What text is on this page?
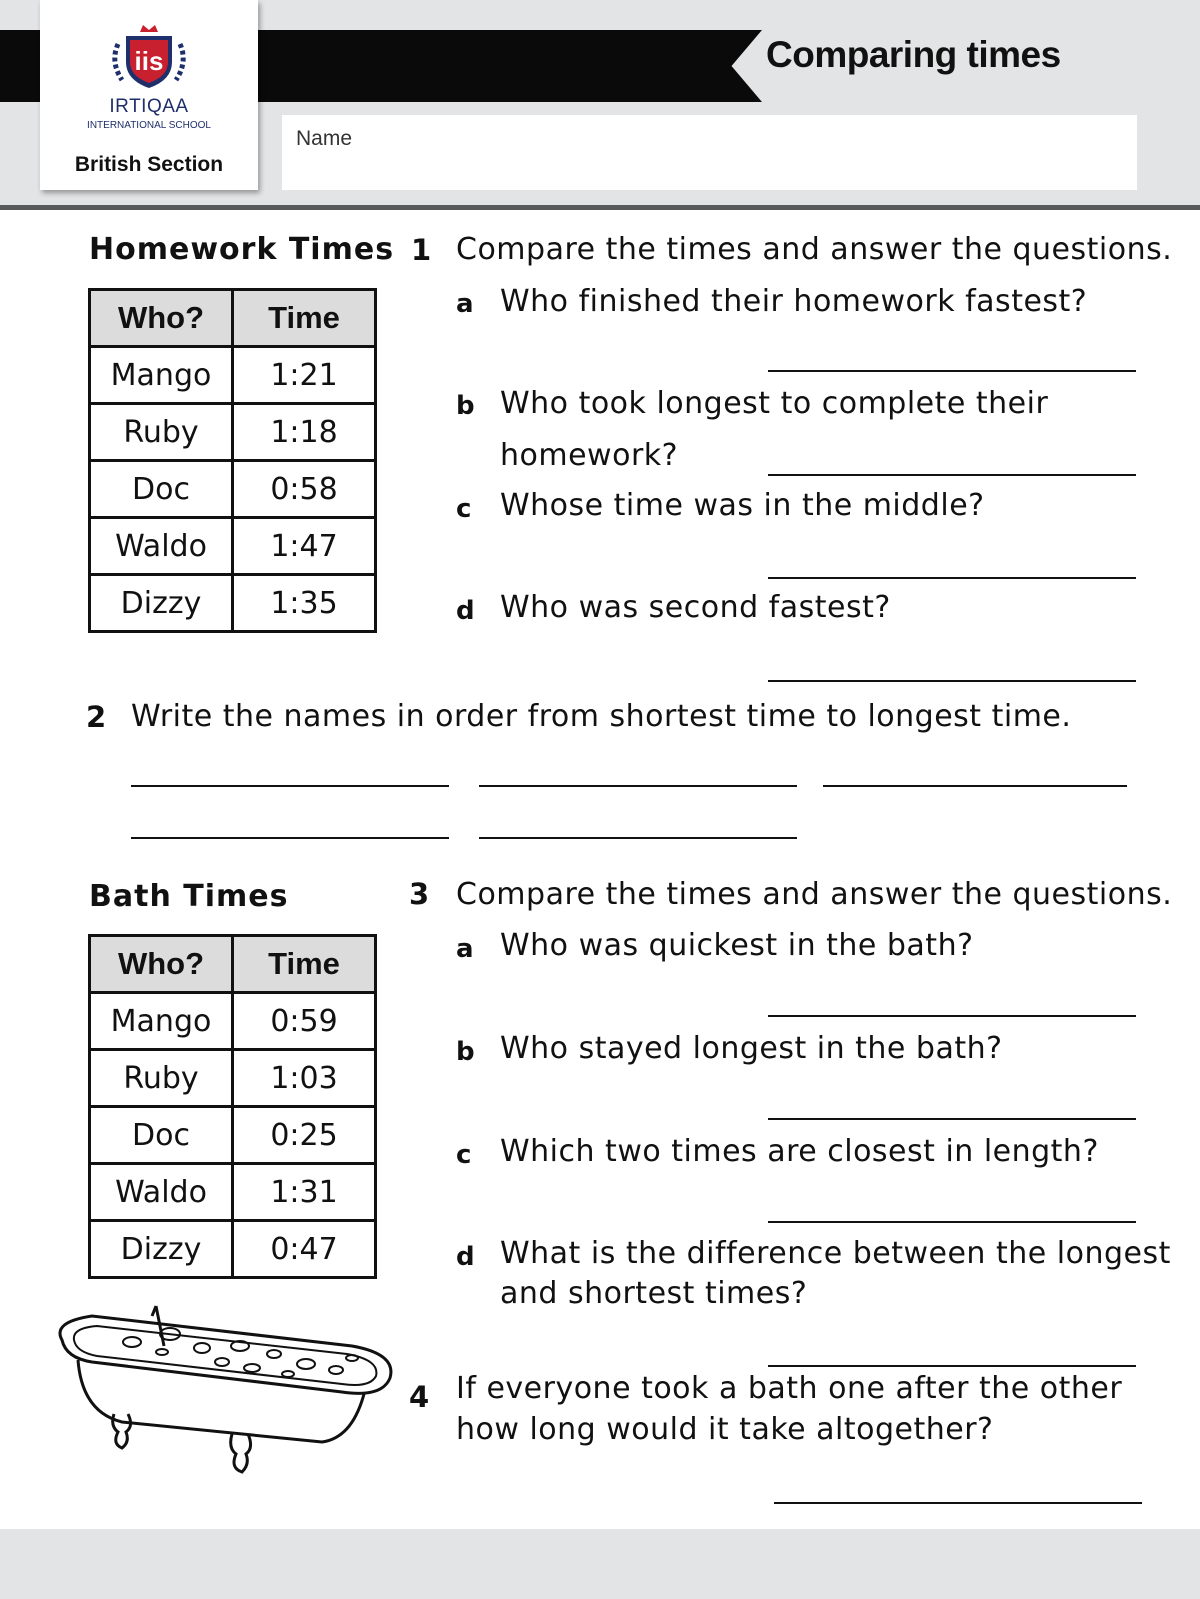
Comparing times
iis
IRTIQAA
INTERNATIONAL SCHOOL
British Section
Name
Homework Times
Who?	Time
Mango	1:21
Ruby	1:18
Doc	0:58
Waldo	1:47
Dizzy	1:35
1 Compare the times and answer the questions.
a Who finished their homework fastest?
b Who took longest to complete their
homework?
c Whose time was in the middle?
d Who was second fastest?
2 Write the names in order from shortest time to longest time.
Bath Times
Who?	Time
Mango	0:59
Ruby	1:03
Doc	0:25
Waldo	1:31
Dizzy	0:47
3 Compare the times and answer the questions.
a Who was quickest in the bath?
b Who stayed longest in the bath?
c Which two times are closest in length?
d What is the difference between the longest
and shortest times?
4 If everyone took a bath one after the other
how long would it take altogether?
